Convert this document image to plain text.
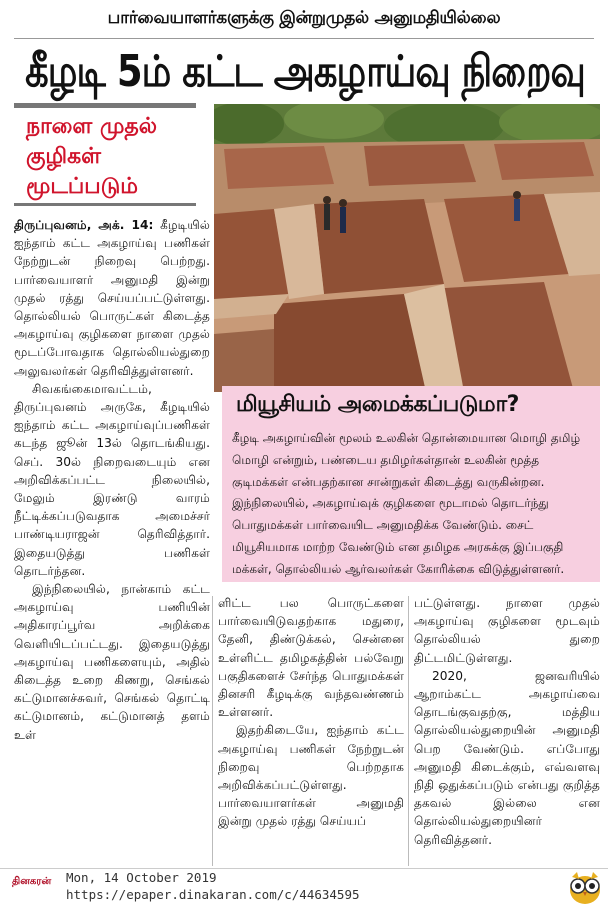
பார்வையாளர்களுக்கு இன்றுமுதல் அனுமதியில்லை
கீழடி 5ம் கட்ட அகழாய்வு நிறைவு
நாளை முதல்
குழிகள்
மூடப்படும்
மியூசியம் அமைக்கப்படுமா?
கீழடி அகழாய்வின் மூலம் உலகின் தொன்மையான மொழி தமிழ் மொழி என்றும், பண்டைய தமிழர்கள்தான் உலகின் மூத்த குடிமக்கள் என்பதற்கான சான்றுகள் கிடைத்து வருகின்றன. இந்நிலையில், அகழாய்வுக் குழிகளை மூடாமல் தொடர்ந்து பொதுமக்கள் பார்வையிட அனுமதிக்க வேண்டும். சைட் மியூசியமாக மாற்ற வேண்டும் என தமிழக அரசுக்கு இப்பகுதி மக்கள், தொல்லியல் ஆர்வலர்கள் கோரிக்கை விடுத்துள்ளனர்.

திருப்புவனம், அக். 14: கீழடியில் ஐந்தாம் கட்ட அகழாய்வு பணிகள் நேற்றுடன் நிறைவு பெற்றது. பார்வையாளர் அனுமதி இன்று முதல் ரத்து செய்யப்பட்டுள்ளது. தொல்லியல் பொருட்கள் கிடைத்த அகழாய்வு குழிகளை நாளை முதல் மூடப்போவதாக தொல்லியல்துறை அலுவலர்கள் தெரிவித்துள்ளனர்.

சிவகங்கைமாவட்டம், திருப்புவனம் அருகே, கீழடியில் ஐந்தாம் கட்ட அகழாய்வுப்பணிகள் கடந்த ஜூன் 13ல் தொடங்கியது. செப். 30ல் நிறைவடையும் என அறிவிக்கப்பட்ட நிலையில், மேலும் இரண்டு வாரம் நீட்டிக்கப்படுவதாக அமைச்சர் பாண்டியராஜன் தெரிவித்தார். இதையடுத்து பணிகள் தொடர்ந்தன.

இந்நிலையில், நான்காம் கட்ட அகழாய்வு பணியின் அதிகாரப்பூர்வ அறிக்கை வெளியிடப்பட்டது. இதையடுத்து அகழாய்வு பணிகளையும், அதில் கிடைத்த உறை கிணறு, செங்கல் கட்டுமானச்சுவர், செங்கல் தொட்டி கட்டுமானம், கட்டுமானத் தளம் உள்

ளிட்ட பல பொருட்களை பார்வையிடுவதற்காக மதுரை, தேனி, திண்டுக்கல், சென்னை உள்ளிட்ட தமிழகத்தின் பல்வேறு பகுதிகளைச் சேர்ந்த பொதுமக்கள் தினசரி கீழடிக்கு வந்தவண்ணம் உள்ளனர்.

இதற்கிடையே, ஐந்தாம் கட்ட அகழாய்வு பணிகள் நேற்றுடன் நிறைவு பெற்றதாக அறிவிக்கப்பட்டுள்ளது. பார்வையாளர்கள் அனுமதி இன்று முதல் ரத்து செய்யப்

பட்டுள்ளது. நாளை முதல் அகழாய்வு குழிகளை மூடவும் தொல்லியல் துறை திட்டமிட்டுள்ளது.

2020, ஜனவரியில் ஆறாம்கட்ட அகழாய்வை தொடங்குவதற்கு, மத்திய தொல்லியல்துறையின் அனுமதி பெற வேண்டும். எப்போது அனுமதி கிடைக்கும், எவ்வளவு நிதி ஒதுக்கப்படும் என்பது குறித்த தகவல் இல்லை என தொல்லியல்துறையினர் தெரிவித்தனர்.

தினகரன்	Mon, 14 October 2019
https://epaper.dinakaran.com/c/44634595
